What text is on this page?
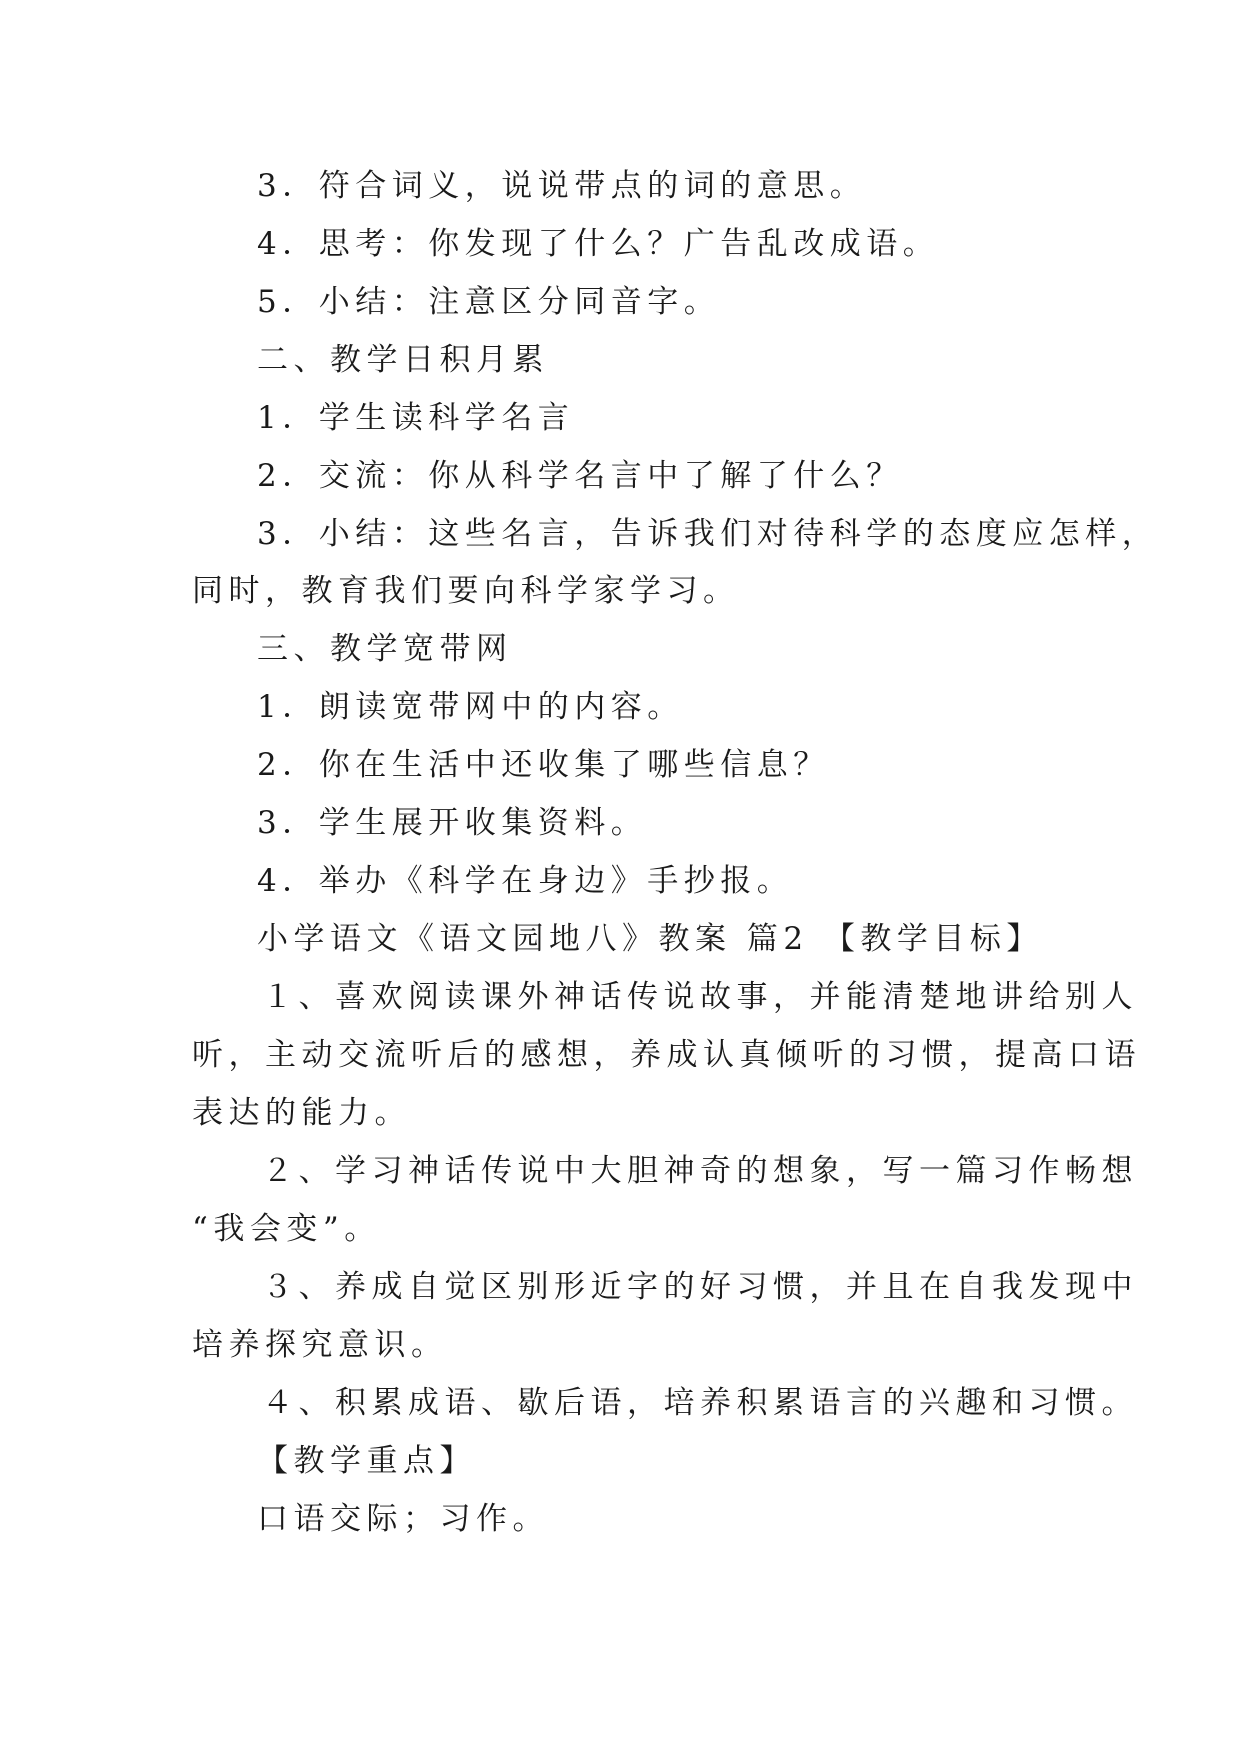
3．符合词义，说说带点的词的意思。
4．思考：你发现了什么？广告乱改成语。
5．小结：注意区分同音字。
二、教学日积月累
1．学生读科学名言
2．交流：你从科学名言中了解了什么？
3．小结：这些名言，告诉我们对待科学的态度应怎样，
同时，教育我们要向科学家学习。
三、教学宽带网
1．朗读宽带网中的内容。
2．你在生活中还收集了哪些信息？
3．学生展开收集资料。
4．举办《科学在身边》手抄报。
小学语文《语文园地八》教案 篇2 【教学目标】
１、喜欢阅读课外神话传说故事，并能清楚地讲给别人
听，主动交流听后的感想，养成认真倾听的习惯，提高口语
表达的能力。
２、学习神话传说中大胆神奇的想象，写一篇习作畅想
“我会变”。
３、养成自觉区别形近字的好习惯，并且在自我发现中
培养探究意识。
４、积累成语、歇后语，培养积累语言的兴趣和习惯。
【教学重点】
口语交际；习作。
